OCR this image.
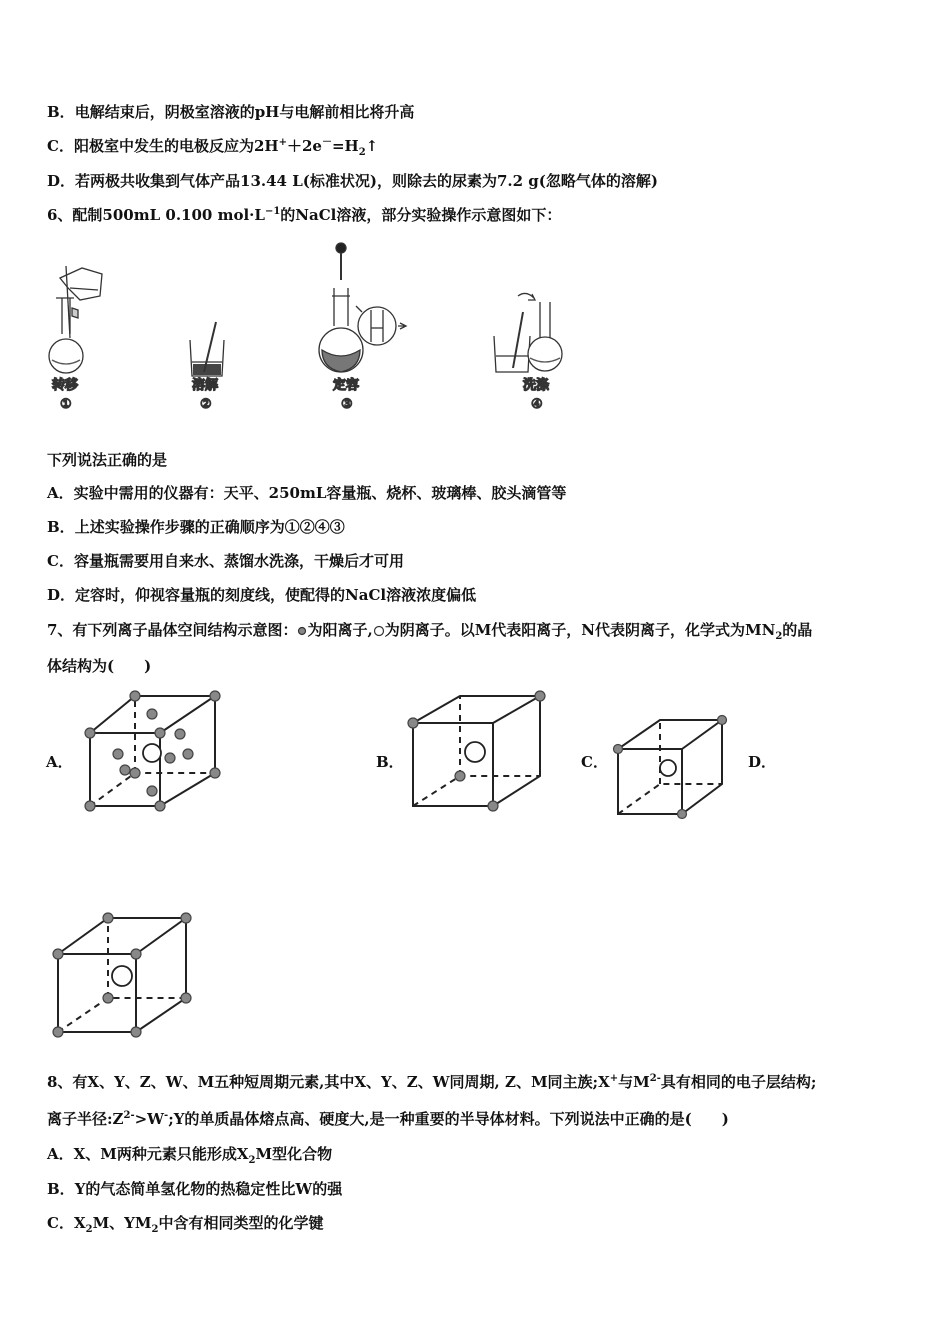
B．电解结束后，阴极室溶液的pH与电解前相比将升高
C．阳极室中发生的电极反应为$2H^++2e^-=H_2↑$
D．若两极共收集到气体产品13.44 L(标准状况)，则除去的尿素为7.2 g(忽略气体的溶解)
6、配制500mL 0.100 $mol\cdot L^{-1}$的NaCl溶液，部分实验操作示意图如下：
转移
①
溶解
②
定容
③
洗涤
④
下列说法正确的是
A．实验中需用的仪器有：天平、250mL容量瓶、烧杯、玻璃棒、胶头滴管等
B．上述实验操作步骤的正确顺序为①②④③
C．容量瓶需要用自来水、蒸馏水洗涤，干燥后才可用
D．定容时，仰视容量瓶的刻度线，使配得的NaCl溶液浓度偏低
7、有下列离子晶体空间结构示意图： 为阳离子, 为阴离子。以M代表阳离子，N代表阴离子，化学式为$MN_2$的晶
体结构为(　　)
A．	B．	C．	D．
8、有X、Y、Z、W、M五种短周期元素,其中X、Y、Z、W同周期, Z、M同主族;X+与$M^{2-}$具有相同的电子层结构;
离子半径$:Z^{2-}>W^-;Y$的单质晶体熔点高、硬度大,是一种重要的半导体材料。下列说法中正确的是(　　)
A．X、M两种元素只能形成$X_2M$型化合物
B．Y的气态简单氢化物的热稳定性比W的强
C．$X_2M$、$YM_2$中含有相同类型的化学键
